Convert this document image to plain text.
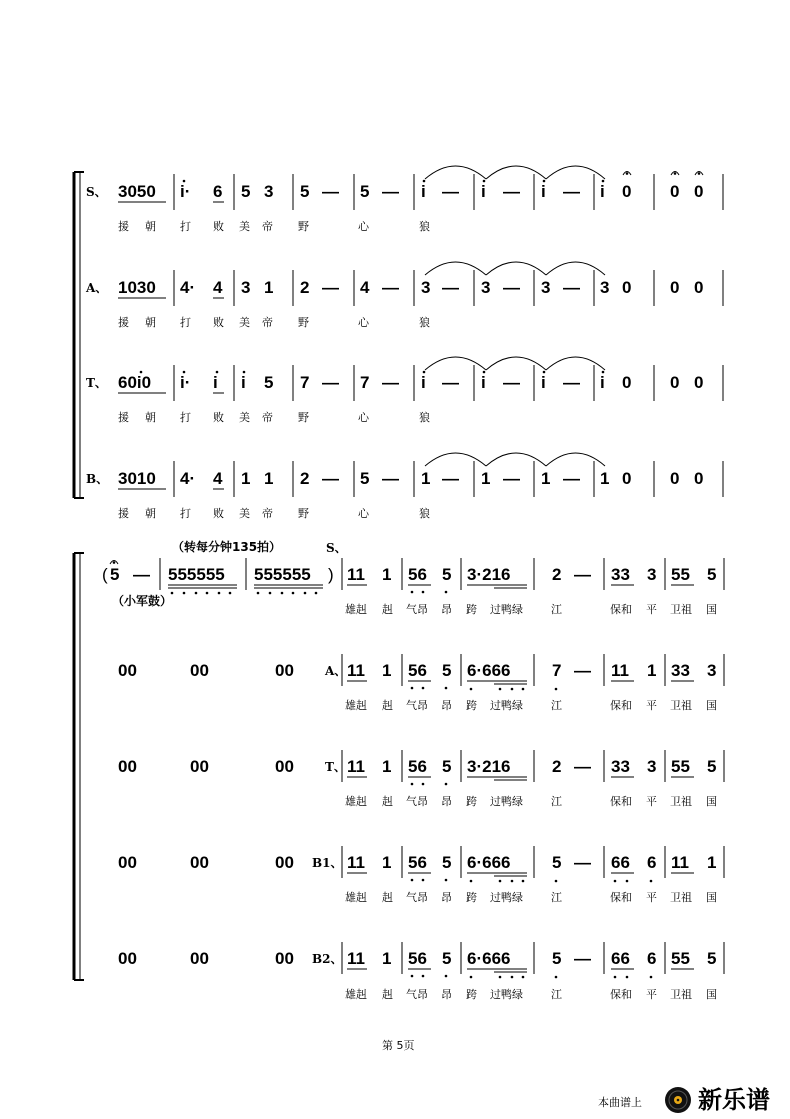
S、 3050 i· 6 5 3 5 — 5 — i — i — i — i 0 0 0
A、 1030 4· 4 3 1 2 — 4 — 3 — 3 — 3 — 3 0 0 0
T、 60i0 i· i i 5 7 — 7 — i — i — i — i 0 0 0
B、 3010 4· 4 1 1 2 — 5 — 1 — 1 — 1 — 1 0 0 0
援 朝 打 败 美 帝 野	心	狼
援 朝 打 败 美 帝 野	心	狼
援 朝 打 败 美 帝 野	心	狼
援 朝 打 败 美 帝 野	心	狼
（转每分钟135拍）	S、
( 5 — 555555 555555 )
（小军鼓）
00	00	00	A、
00	00	00	T、
00	00	00 B1、
00	00	00 B2、
11 1 56 5 3·216 2 — 33 3 55 5
11 1 56 5 6·666 7 — 11 1 33 3
11 1 56 5 3·216 2 — 33 3 55 5
11 1 56 5 6·666 5 — 66 6 11 1
11 1 56 5 6·666 5 — 66 6 55 5
雄赳 赳 气昂 昂 跨 过鸭绿	江	保和 平 卫祖 国
雄赳 赳 气昂 昂 跨 过鸭绿	江	保和 平 卫祖 国
雄赳 赳 气昂 昂 跨 过鸭绿	江	保和 平 卫祖 国
雄赳 赳 气昂 昂 跨 过鸭绿	江	保和 平 卫祖 国
雄赳 赳 气昂 昂 跨 过鸭绿	江	保和 平 卫祖 国
第 5页
本曲谱上 新乐谱
